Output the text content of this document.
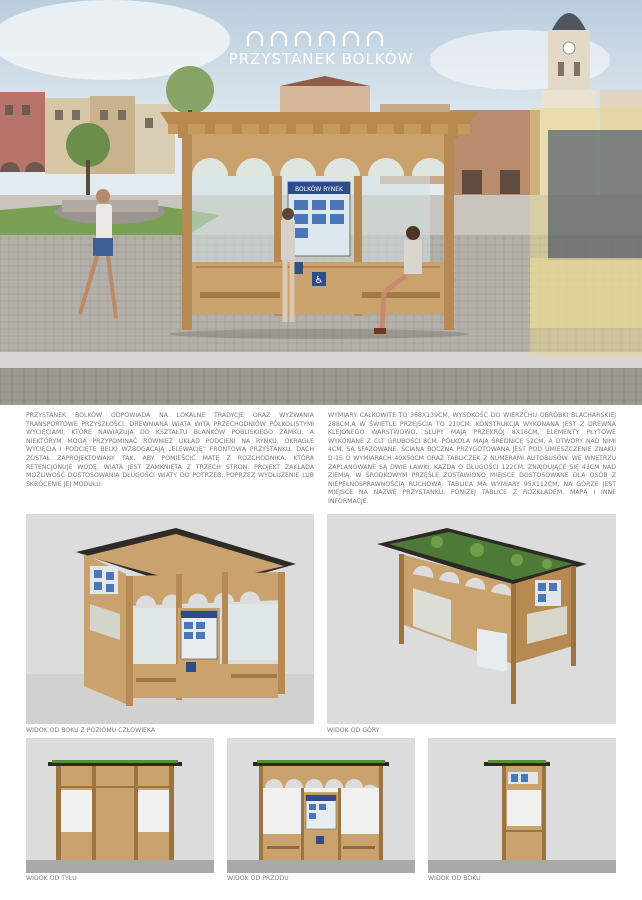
♿
BOLKÓW RYNEK
PRZYSTANEK BOLKÓW

PRZYSTANEK BOLKÓW ODPOWIADA NA LOKALNE TRADYCJE ORAZ WYZWANIA TRANSPORTOWE PRZYSZŁOŚCI. DREWNIANA WIATA WITA PRZECHODNIÓW PÓŁKOLISTYMI WYCIĘCIAMI, KTÓRE NAWIĄZUJĄ DO KSZTAŁTU BLANKÓW POBLISKIEGO ZAMKU. A NIEKTÓRYM MOGĄ PRZYPOMINAĆ RÓWNIEŻ UKŁAD PODCIENI NA RYNKU. OKRĄGŁE WYCIĘCIA I PODCIĘTE BELKI WZBOGACAJĄ „ELEWACJĘ” FRONTOWĄ PRZYSTANKU. DACH ZOSTAŁ ZAPROJEKTOWANY TAK, ABY POMIEŚCIĆ MATĘ Z ROZCHODNIKA, KTÓRA RETENCJONUJE WODĘ. WIATA JEST ZAMKNIĘTA Z TRZECH STRON. PROJEKT ZAKŁADA MOŻLIWOŚĆ DOSTOSOWANIA DŁUGOŚCI WIATY DO POTRZEB, POPRZEZ WYDŁUŻENIE LUB SKRÓCENIE JEJ MODUŁU.

WYMIARY CAŁKOWITE TO 368X139CM, WYSOKOŚĆ DO WIERZCHU OBRÓBKI BLACHARSKIEJ 288CM,A W ŚWIETLE PRZEJŚCIA TO 210CM. KONSTRUKCJA WYKONANA JEST Z DREWNA KLEJONEGO WARSTWOWO, SŁUPY MAJĄ PRZEKRÓJ 8X16CM, ELEMENTY PŁYTOWE WYKONANE Z CLT GRUBOŚCI 8CM. PÓŁKOLA MAJĄ ŚREDNICĘ 52CM, A OTWORY NAD NIMI 4CM, SĄ SFAZOWANE. ŚCIANA BOCZNA PRZYGOTOWANA JEST POD UMIESZCZENIE ZNAKU D-15 O WYMIARACH 40X50CM ORAZ TABLICZEK Z NUMERAMI AUTOBUSÓW. WE WNĘTRZU ZAPLANOWANE SĄ DWIE ŁAWKI, KAŻDA O DŁUGOŚCI 122CM, ZNAJDUJĄCE SIĘ 43CM NAD ZIEMIĄ. W ŚRODKOWYM PRZĘŚLE ZOSTAWIONO MIEJSCE DOSTOSOWANE DLA OSÓB Z NIEPEŁNOSPRAWNOŚCIĄ RUCHOWĄ. TABLICA MA WYMIARY 95X112CM, NA GÓRZE JEST MIEJSCE NA NAZWĘ PRZYSTANKU, PONIŻEJ TABLICE Z ROZKŁADEM, MAPĄ I INNE INFORMACJE.

WIDOK OD BOKU Z POZIOMU CZŁOWIEKA	WIDOK OD GÓRY
WIDOK OD TYŁU	WIDOK OD PRZODU	WIDOK OD BOKU
